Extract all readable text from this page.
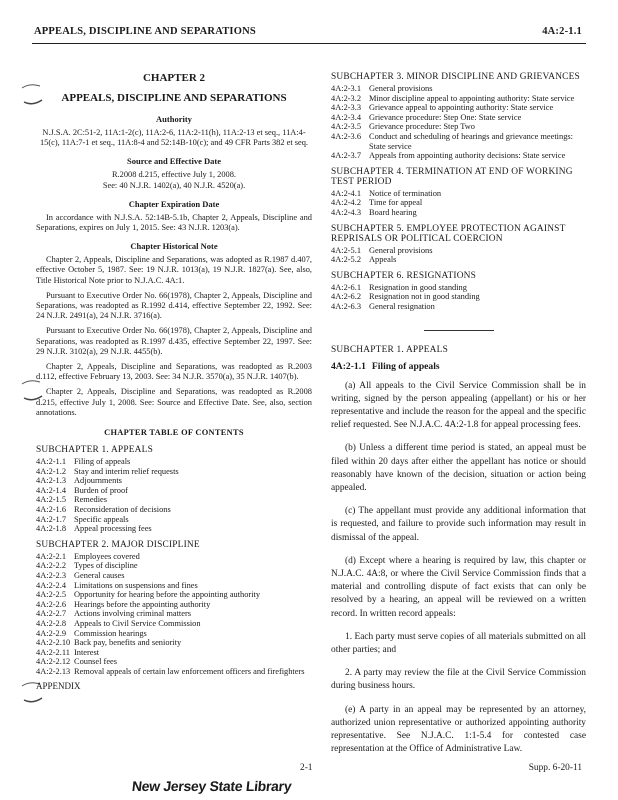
APPEALS, DISCIPLINE AND SEPARATIONS	4A:2-1.1
CHAPTER 2
APPEALS, DISCIPLINE AND SEPARATIONS
Authority
N.J.S.A. 2C:51-2, 11A:1-2(c), 11A:2-6, 11A:2-11(h), 11A:2-13 et seq., 11A:4-15(c), 11A:7-1 et seq., 11A:8-4 and 52:14B-10(c); and 49 CFR Parts 382 et seq.
Source and Effective Date
R.2008 d.215, effective July 1, 2008.
See: 40 N.J.R. 1402(a), 40 N.J.R. 4520(a).
Chapter Expiration Date
In accordance with N.J.S.A. 52:14B-5.1b, Chapter 2, Appeals, Discipline and Separations, expires on July 1, 2015. See: 43 N.J.R. 1203(a).
Chapter Historical Note
Chapter 2, Appeals, Discipline and Separations, was adopted as R.1987 d.407, effective October 5, 1987. See: 19 N.J.R. 1013(a), 19 N.J.R. 1827(a). See, also, Title Historical Note prior to N.J.A.C. 4A:1.
Pursuant to Executive Order No. 66(1978), Chapter 2, Appeals, Discipline and Separations, was readopted as R.1992 d.414, effective September 22, 1992. See: 24 N.J.R. 2491(a), 24 N.J.R. 3716(a).
Pursuant to Executive Order No. 66(1978), Chapter 2, Appeals, Discipline and Separations, was readopted as R.1997 d.435, effective September 22, 1997. See: 29 N.J.R. 3102(a), 29 N.J.R. 4455(b).
Chapter 2, Appeals, Discipline and Separations, was readopted as R.2003 d.112, effective February 13, 2003. See: 34 N.J.R. 3570(a), 35 N.J.R. 1407(b).
Chapter 2, Appeals, Discipline and Separations, was readopted as R.2008 d.215, effective July 1, 2008. See: Source and Effective Date. See, also, section annotations.
CHAPTER TABLE OF CONTENTS
SUBCHAPTER 1. APPEALS
4A:2-1.1 Filing of appeals
4A:2-1.2 Stay and interim relief requests
4A:2-1.3 Adjournments
4A:2-1.4 Burden of proof
4A:2-1.5 Remedies
4A:2-1.6 Reconsideration of decisions
4A:2-1.7 Specific appeals
4A:2-1.8 Appeal processing fees
SUBCHAPTER 2. MAJOR DISCIPLINE
4A:2-2.1 Employees covered
4A:2-2.2 Types of discipline
4A:2-2.3 General causes
4A:2-2.4 Limitations on suspensions and fines
4A:2-2.5 Opportunity for hearing before the appointing authority
4A:2-2.6 Hearings before the appointing authority
4A:2-2.7 Actions involving criminal matters
4A:2-2.8 Appeals to Civil Service Commission
4A:2-2.9 Commission hearings
4A:2-2.10 Back pay, benefits and seniority
4A:2-2.11 Interest
4A:2-2.12 Counsel fees
4A:2-2.13 Removal appeals of certain law enforcement officers and firefighters
APPENDIX
SUBCHAPTER 3. MINOR DISCIPLINE AND GRIEVANCES
4A:2-3.1 General provisions
4A:2-3.2 Minor discipline appeal to appointing authority: State service
4A:2-3.3 Grievance appeal to appointing authority: State service
4A:2-3.4 Grievance procedure: Step One: State service
4A:2-3.5 Grievance procedure: Step Two
4A:2-3.6 Conduct and scheduling of hearings and grievance meetings: State service
4A:2-3.7 Appeals from appointing authority decisions: State service
SUBCHAPTER 4. TERMINATION AT END OF WORKING TEST PERIOD
4A:2-4.1 Notice of termination
4A:2-4.2 Time for appeal
4A:2-4.3 Board hearing
SUBCHAPTER 5. EMPLOYEE PROTECTION AGAINST REPRISALS OR POLITICAL COERCION
4A:2-5.1 General provisions
4A:2-5.2 Appeals
SUBCHAPTER 6. RESIGNATIONS
4A:2-6.1 Resignation in good standing
4A:2-6.2 Resignation not in good standing
4A:2-6.3 General resignation
SUBCHAPTER 1. APPEALS
4A:2-1.1 Filing of appeals
(a) All appeals to the Civil Service Commission shall be in writing, signed by the person appealing (appellant) or his or her representative and include the reason for the appeal and the specific relief requested. See N.J.A.C. 4A:2-1.8 for appeal processing fees.
(b) Unless a different time period is stated, an appeal must be filed within 20 days after either the appellant has notice or should reasonably have known of the decision, situation or action being appealed.
(c) The appellant must provide any additional information that is requested, and failure to provide such information may result in dismissal of the appeal.
(d) Except where a hearing is required by law, this chapter or N.J.A.C. 4A:8, or where the Civil Service Commission finds that a material and controlling dispute of fact exists that can only be resolved by a hearing, an appeal will be reviewed on a written record. In written record appeals:
1. Each party must serve copies of all materials submitted on all other parties; and
2. A party may review the file at the Civil Service Commission during business hours.
(e) A party in an appeal may be represented by an attorney, authorized union representative or authorized appointing authority representative. See N.J.A.C. 1:1-5.4 for contested case representation at the Office of Administrative Law.
2-1	Supp. 6-20-11
New Jersey State Library
